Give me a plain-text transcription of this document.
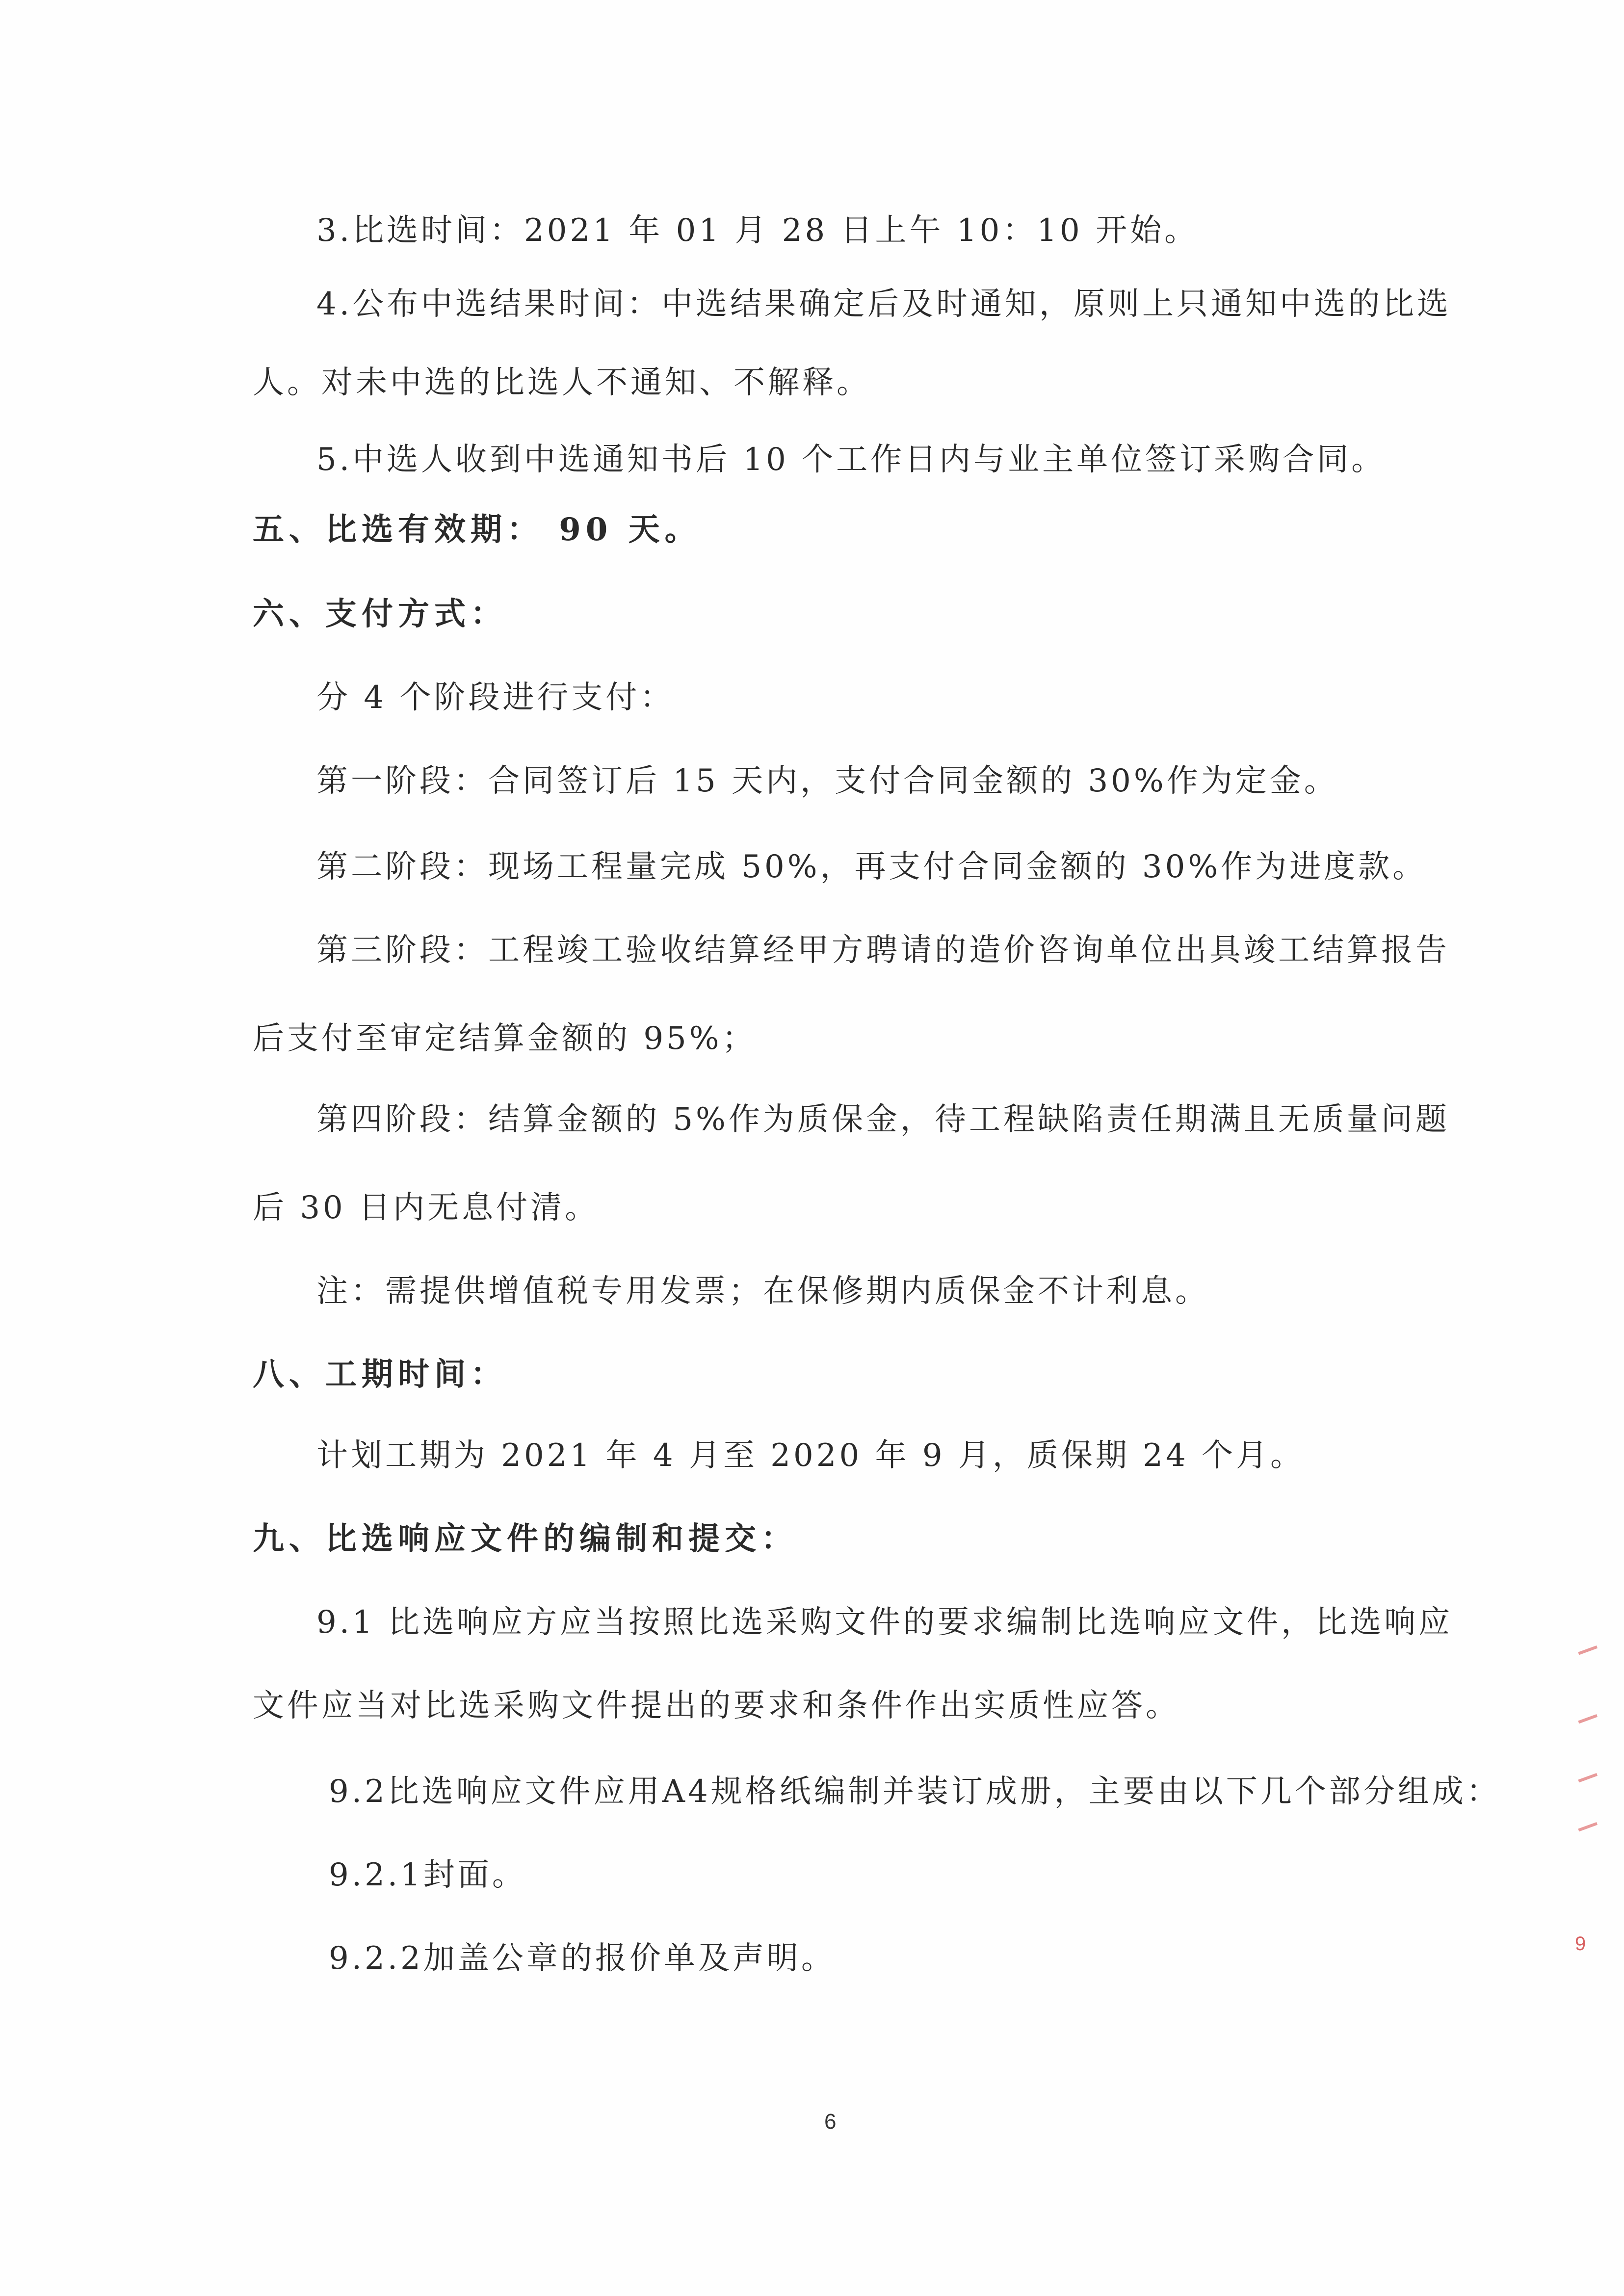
3.比选时间：2021 年 01 月 28 日上午 10：10 开始。
4.公布中选结果时间：中选结果确定后及时通知，原则上只通知中选的比选
人。对未中选的比选人不通知、不解释。
5.中选人收到中选通知书后 10 个工作日内与业主单位签订采购合同。
五、比选有效期： 90 天。
六、支付方式：
分 4 个阶段进行支付：
第一阶段：合同签订后 15 天内，支付合同金额的 30%作为定金。
第二阶段：现场工程量完成 50%，再支付合同金额的 30%作为进度款。
第三阶段：工程竣工验收结算经甲方聘请的造价咨询单位出具竣工结算报告
后支付至审定结算金额的 95%；
第四阶段：结算金额的 5%作为质保金，待工程缺陷责任期满且无质量问题
后 30 日内无息付清。
注：需提供增值税专用发票；在保修期内质保金不计利息。
八、工期时间：
计划工期为 2021 年 4 月至 2020 年 9 月，质保期 24 个月。
九、比选响应文件的编制和提交：
9.1 比选响应方应当按照比选采购文件的要求编制比选响应文件，比选响应
文件应当对比选采购文件提出的要求和条件作出实质性应答。
9.2比选响应文件应用A4规格纸编制并装订成册，主要由以下几个部分组成：
9.2.1封面。
9.2.2加盖公章的报价单及声明。	9
6
